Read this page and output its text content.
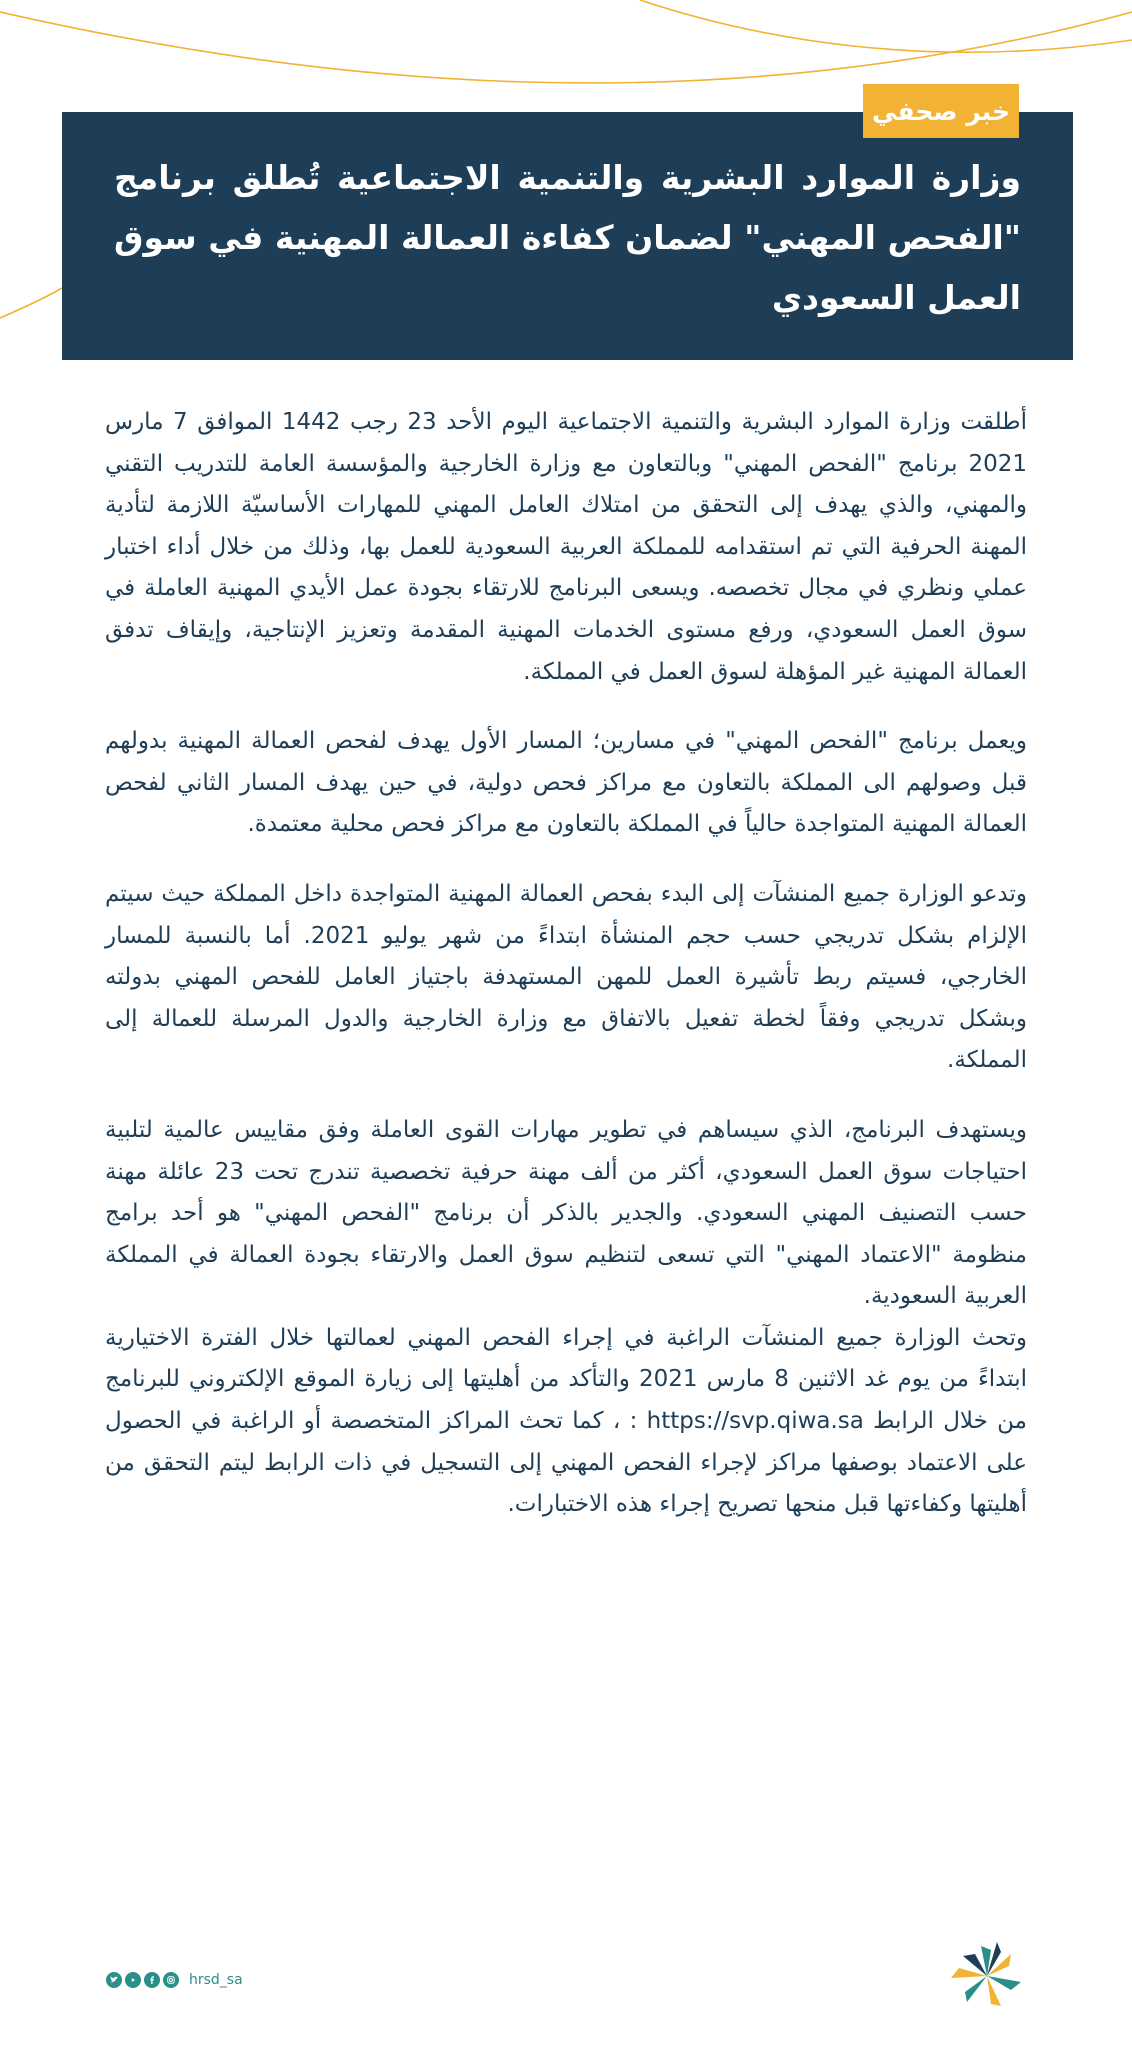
خبر صحفي
وزارة الموارد البشرية والتنمية الاجتماعية تُطلق برنامج "الفحص المهني" لضمان كفاءة العمالة المهنية في سوق العمل السعودي

أطلقت وزارة الموارد البشرية والتنمية الاجتماعية اليوم الأحد 23 رجب 1442 الموافق 7 مارس 2021 برنامج "الفحص المهني" وبالتعاون مع وزارة الخارجية والمؤسسة العامة للتدريب التقني والمهني، والذي يهدف إلى التحقق من امتلاك العامل المهني للمهارات الأساسيّة اللازمة لتأدية المهنة الحرفية التي تم استقدامه للمملكة العربية السعودية للعمل بها، وذلك من خلال أداء اختبار عملي ونظري في مجال تخصصه. ويسعى البرنامج للارتقاء بجودة عمل الأيدي المهنية العاملة في سوق العمل السعودي، ورفع مستوى الخدمات المهنية المقدمة وتعزيز الإنتاجية، وإيقاف تدفق العمالة المهنية غير المؤهلة لسوق العمل في المملكة.

ويعمل برنامج "الفحص المهني" في مسارين؛ المسار الأول يهدف لفحص العمالة المهنية بدولهم قبل وصولهم الى المملكة بالتعاون مع مراكز فحص دولية، في حين يهدف المسار الثاني لفحص العمالة المهنية المتواجدة حالياً في المملكة بالتعاون مع مراكز فحص محلية معتمدة.

وتدعو الوزارة جميع المنشآت إلى البدء بفحص العمالة المهنية المتواجدة داخل المملكة حيث سيتم الإلزام بشكل تدريجي حسب حجم المنشأة ابتداءً من شهر يوليو 2021. أما بالنسبة للمسار الخارجي، فسيتم ربط تأشيرة العمل للمهن المستهدفة باجتياز العامل للفحص المهني بدولته وبشكل تدريجي وفقاً لخطة تفعيل بالاتفاق مع وزارة الخارجية والدول المرسلة للعمالة إلى المملكة.

ويستهدف البرنامج، الذي سيساهم في تطوير مهارات القوى العاملة وفق مقاييس عالمية لتلبية احتياجات سوق العمل السعودي، أكثر من ألف مهنة حرفية تخصصية تندرج تحت 23 عائلة مهنة حسب التصنيف المهني السعودي. والجدير بالذكر أن برنامج "الفحص المهني" هو أحد برامج منظومة "الاعتماد المهني" التي تسعى لتنظيم سوق العمل والارتقاء بجودة العمالة في المملكة العربية السعودية.

وتحث الوزارة جميع المنشآت الراغبة في إجراء الفحص المهني لعمالتها خلال الفترة الاختيارية ابتداءً من يوم غد الاثنين 8 مارس 2021 والتأكد من أهليتها إلى زيارة الموقع الإلكتروني للبرنامج من خلال الرابط https://svp.qiwa.sa : ، كما تحث المراكز المتخصصة أو الراغبة في الحصول على الاعتماد بوصفها مراكز لإجراء الفحص المهني إلى التسجيل في ذات الرابط ليتم التحقق من أهليتها وكفاءتها قبل منحها تصريح إجراء هذه الاختبارات.

hrsd_sa
